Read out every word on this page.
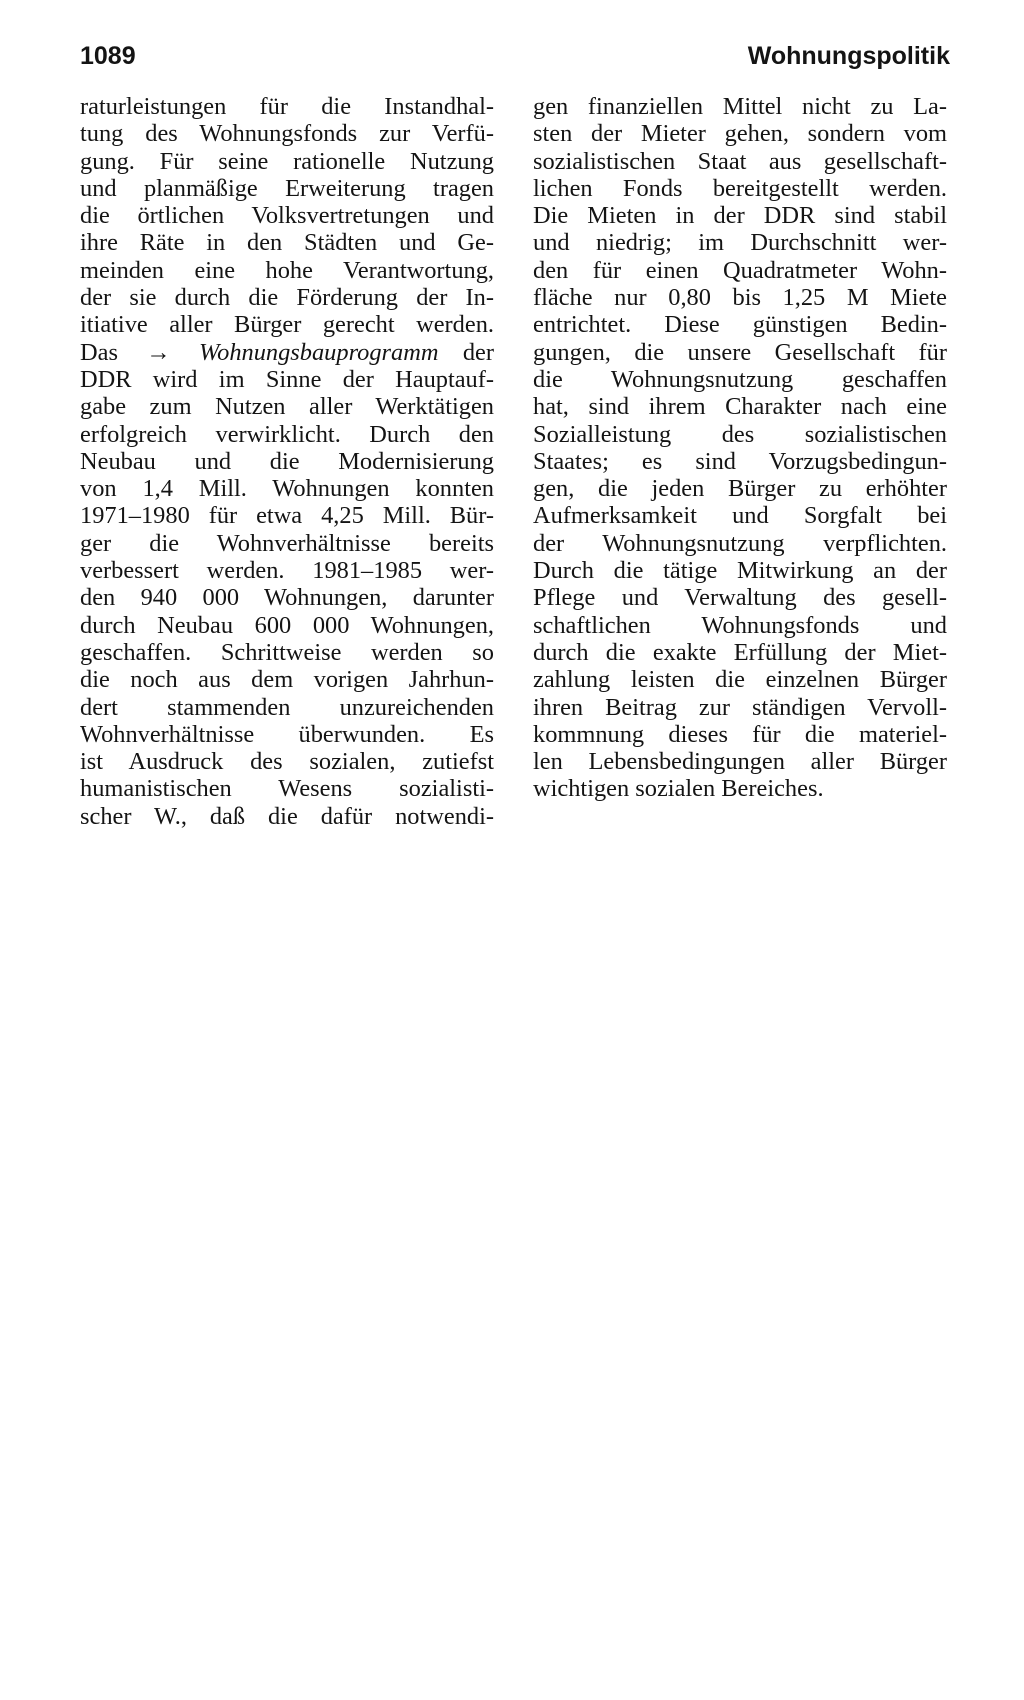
1089	Wohnungspolitik
raturleistungen für die Instandhal-
tung des Wohnungsfonds zur Verfü-
gung. Für seine rationelle Nutzung
und planmäßige Erweiterung tragen
die örtlichen Volksvertretungen und
ihre Räte in den Städten und Ge-
meinden eine hohe Verantwortung,
der sie durch die Förderung der In-
itiative aller Bürger gerecht werden.
Das → Wohnungsbauprogramm der
DDR wird im Sinne der Hauptauf-
gabe zum Nutzen aller Werktätigen
erfolgreich verwirklicht. Durch den
Neubau und die Modernisierung
von 1,4 Mill. Wohnungen konnten
1971–1980 für etwa 4,25 Mill. Bür-
ger die Wohnverhältnisse bereits
verbessert werden. 1981–1985 wer-
den 940 000 Wohnungen, darunter
durch Neubau 600 000 Wohnungen,
geschaffen. Schrittweise werden so
die noch aus dem vorigen Jahrhun-
dert stammenden unzureichenden
Wohnverhältnisse überwunden. Es
ist Ausdruck des sozialen, zutiefst
humanistischen Wesens sozialisti-
scher W., daß die dafür notwendi-
gen finanziellen Mittel nicht zu La-
sten der Mieter gehen, sondern vom
sozialistischen Staat aus gesellschaft-
lichen Fonds bereitgestellt werden.
Die Mieten in der DDR sind stabil
und niedrig; im Durchschnitt wer-
den für einen Quadratmeter Wohn-
fläche nur 0,80 bis 1,25 M Miete
entrichtet. Diese günstigen Bedin-
gungen, die unsere Gesellschaft für
die Wohnungsnutzung geschaffen
hat, sind ihrem Charakter nach eine
Sozialleistung des sozialistischen
Staates; es sind Vorzugsbedingun-
gen, die jeden Bürger zu erhöhter
Aufmerksamkeit und Sorgfalt bei
der Wohnungsnutzung verpflichten.
Durch die tätige Mitwirkung an der
Pflege und Verwaltung des gesell-
schaftlichen Wohnungsfonds und
durch die exakte Erfüllung der Miet-
zahlung leisten die einzelnen Bürger
ihren Beitrag zur ständigen Vervoll-
kommnung dieses für die materiel-
len Lebensbedingungen aller Bürger
wichtigen sozialen Bereiches.
